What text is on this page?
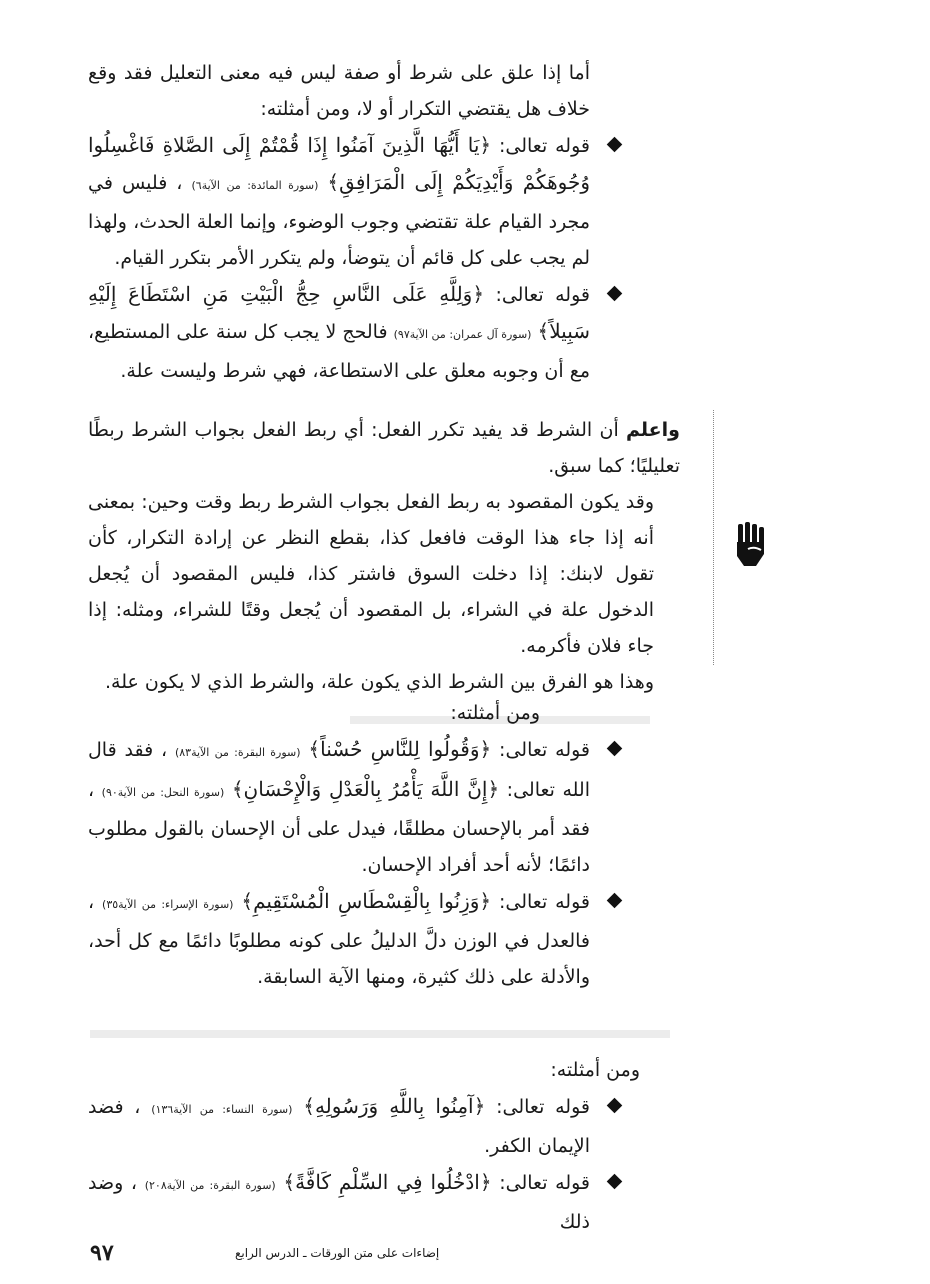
أما إذا علق على شرط أو صفة ليس فيه معنى التعليل فقد وقع خلاف هل يقتضي التكرار أو لا، ومن أمثلته:

قوله تعالى: ﴿يَا أَيُّهَا الَّذِينَ آمَنُوا إِذَا قُمْتُمْ إِلَى الصَّلاةِ فَاغْسِلُوا وُجُوهَكُمْ وَأَيْدِيَكُمْ إِلَى الْمَرَافِقِ﴾ (سورة المائدة: من الآية٦) ، فليس في مجرد القيام علة تقتضي وجوب الوضوء، وإنما العلة الحدث، ولهذا لم يجب على كل قائم أن يتوضأ، ولم يتكرر الأمر بتكرر القيام.

قوله تعالى: ﴿وَلِلَّهِ عَلَى النَّاسِ حِجُّ الْبَيْتِ مَنِ اسْتَطَاعَ إِلَيْهِ سَبِيلاً﴾ (سورة آل عمران: من الآية٩٧) فالحج لا يجب كل سنة على المستطيع، مع أن وجوبه معلق على الاستطاعة، فهي شرط وليست علة.

واعلم أن الشرط قد يفيد تكرر الفعل: أي ربط الفعل بجواب الشرط ربطًا تعليليًا؛ كما سبق.

وقد يكون المقصود به ربط الفعل بجواب الشرط ربط وقت وحين: بمعنى أنه إذا جاء هذا الوقت فافعل كذا، بقطع النظر عن إرادة التكرار، كأن تقول لابنك: إذا دخلت السوق فاشتر كذا، فليس المقصود أن يُجعل الدخول علة في الشراء، بل المقصود أن يُجعل وقتًا للشراء، ومثله: إذا جاء فلان فأكرمه.

وهذا هو الفرق بين الشرط الذي يكون علة، والشرط الذي لا يكون علة.

ومن أمثلته:

قوله تعالى: ﴿وَقُولُوا لِلنَّاسِ حُسْناً﴾ (سورة البقرة: من الآية٨٣) ، فقد قال الله تعالى: ﴿إِنَّ اللَّهَ يَأْمُرُ بِالْعَدْلِ وَالْإِحْسَانِ﴾ (سورة النحل: من الآية٩٠) ، فقد أمر بالإحسان مطلقًا، فيدل على أن الإحسان بالقول مطلوب دائمًا؛ لأنه أحد أفراد الإحسان.

قوله تعالى: ﴿وَزِنُوا بِالْقِسْطَاسِ الْمُسْتَقِيمِ﴾ (سورة الإسراء: من الآية٣٥) ، فالعدل في الوزن دلَّ الدليلُ على كونه مطلوبًا دائمًا مع كل أحد، والأدلة على ذلك كثيرة، ومنها الآية السابقة.

ومن أمثلته:

قوله تعالى: ﴿آمِنُوا بِاللَّهِ وَرَسُولِهِ﴾ (سورة النساء: من الآية١٣٦) ، فضد الإيمان الكفر.

قوله تعالى: ﴿ادْخُلُوا فِي السِّلْمِ كَافَّةً﴾ (سورة البقرة: من الآية٢٠٨) ، وضد ذلك

٩٧	إضاءات على متن الورقات ـ الدرس الرابع
